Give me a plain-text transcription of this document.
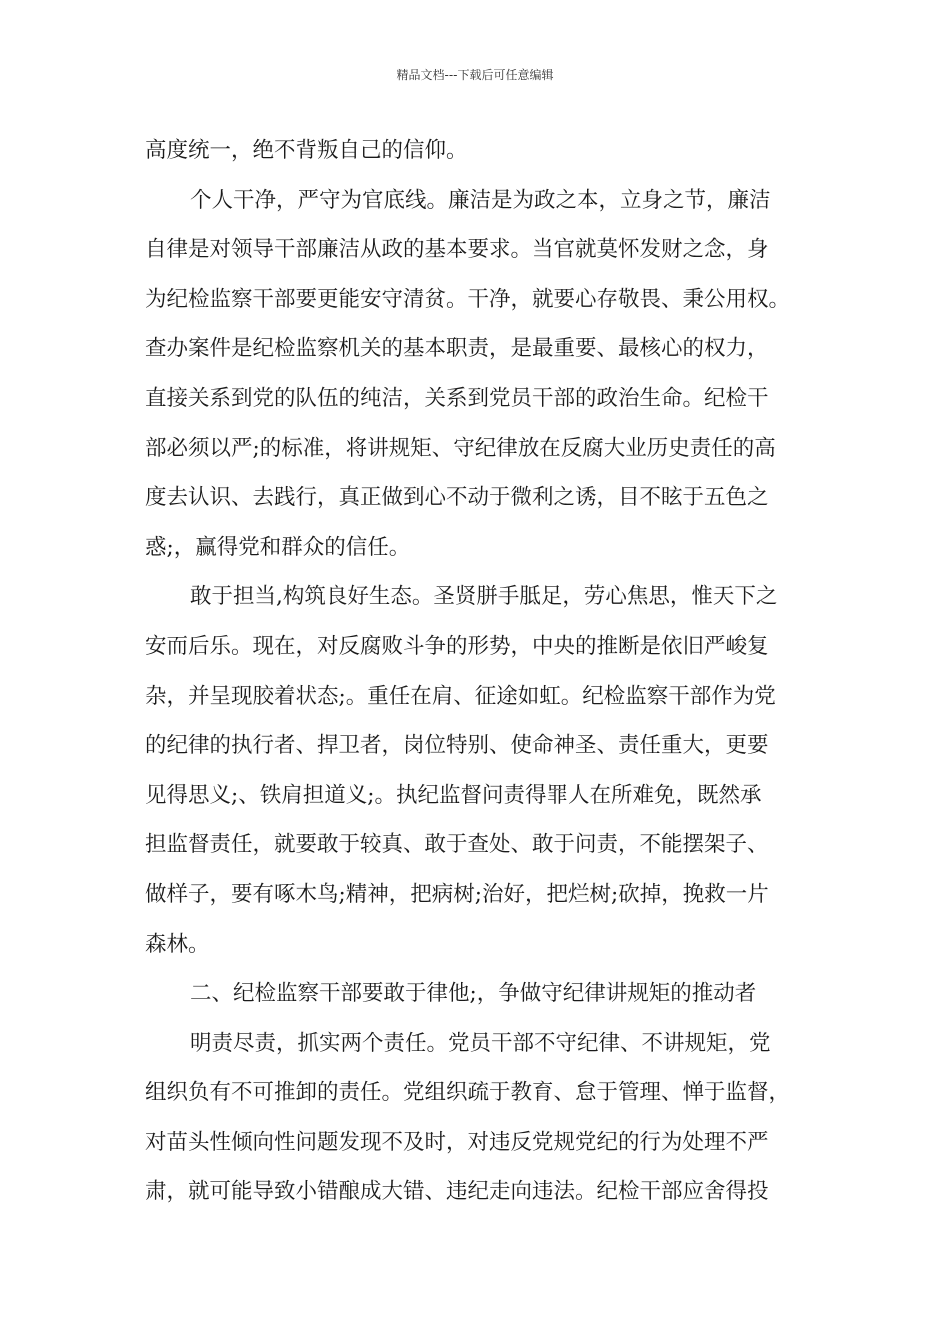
精品文档---下载后可任意编辑
高度统一，绝不背叛自己的信仰。
个人干净，严守为官底线。廉洁是为政之本，立身之节，廉洁
自律是对领导干部廉洁从政的基本要求。当官就莫怀发财之念，身
为纪检监察干部要更能安守清贫。干净，就要心存敬畏、秉公用权。
查办案件是纪检监察机关的基本职责，是最重要、最核心的权力，
直接关系到党的队伍的纯洁，关系到党员干部的政治生命。纪检干
部必须以严;的标准，将讲规矩、守纪律放在反腐大业历史责任的高
度去认识、去践行，真正做到心不动于微利之诱，目不眩于五色之
惑;，赢得党和群众的信任。
敢于担当,构筑良好生态。圣贤胼手胝足，劳心焦思，惟天下之
安而后乐。现在，对反腐败斗争的形势，中央的推断是依旧严峻复
杂，并呈现胶着状态;。重任在肩、征途如虹。纪检监察干部作为党
的纪律的执行者、捍卫者，岗位特别、使命神圣、责任重大，更要
见得思义;、铁肩担道义;。执纪监督问责得罪人在所难免，既然承
担监督责任，就要敢于较真、敢于查处、敢于问责，不能摆架子、
做样子，要有啄木鸟;精神，把病树;治好，把烂树;砍掉，挽救一片
森林。
二、纪检监察干部要敢于律他;，争做守纪律讲规矩的推动者
明责尽责，抓实两个责任。党员干部不守纪律、不讲规矩，党
组织负有不可推卸的责任。党组织疏于教育、怠于管理、惮于监督，
对苗头性倾向性问题发现不及时，对违反党规党纪的行为处理不严
肃，就可能导致小错酿成大错、违纪走向违法。纪检干部应舍得投
